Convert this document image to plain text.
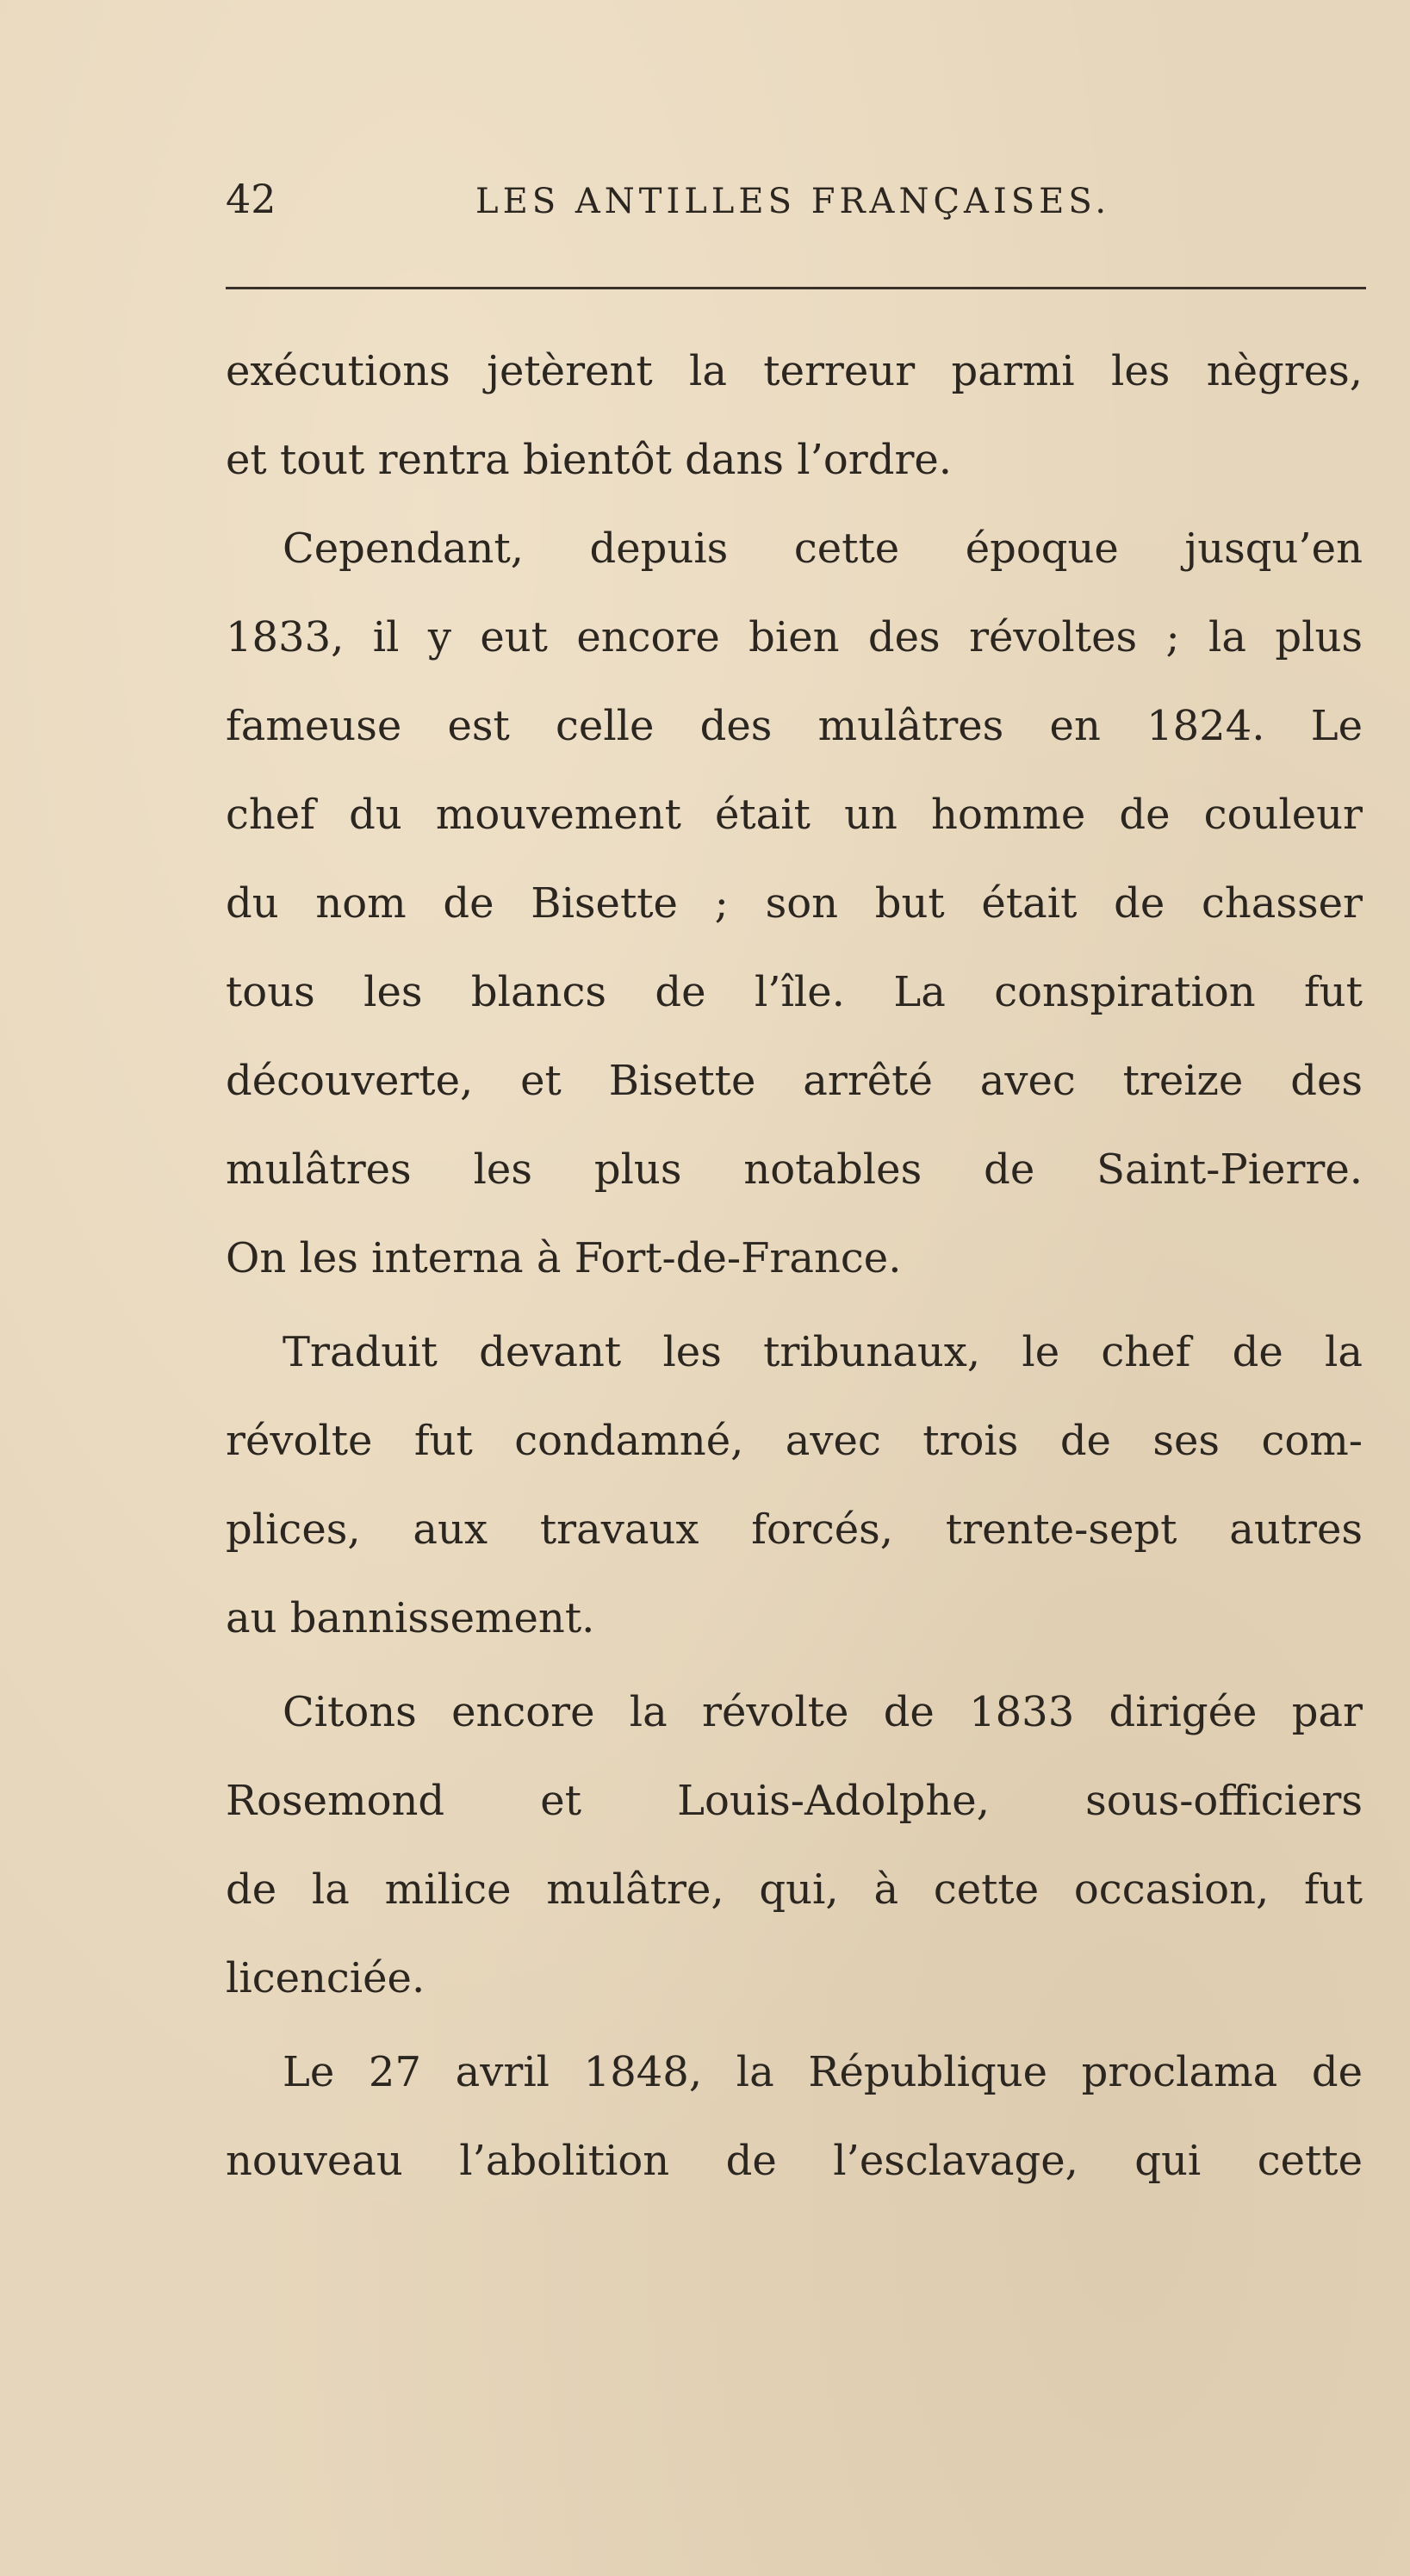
42	LES ANTILLES FRANÇAISES.
exécutions jetèrent la terreur parmi les nègres,
et tout rentra bientôt dans l’ordre.
Cependant, depuis cette époque jusqu’en
1833, il y eut encore bien des révoltes ; la plus
fameuse est celle des mulâtres en 1824. Le
chef du mouvement était un homme de couleur
du nom de Bisette ; son but était de chasser
tous les blancs de l’île. La conspiration fut
découverte, et Bisette arrêté avec treize des
mulâtres les plus notables de Saint-Pierre.
On les interna à Fort-de-France.
Traduit devant les tribunaux, le chef de la
révolte fut condamné, avec trois de ses com-
plices, aux travaux forcés, trente-sept autres
au bannissement.
Citons encore la révolte de 1833 dirigée par
Rosemond et Louis-Adolphe, sous-officiers
de la milice mulâtre, qui, à cette occasion, fut
licenciée.
Le 27 avril 1848, la République proclama de
nouveau l’abolition de l’esclavage, qui cette
